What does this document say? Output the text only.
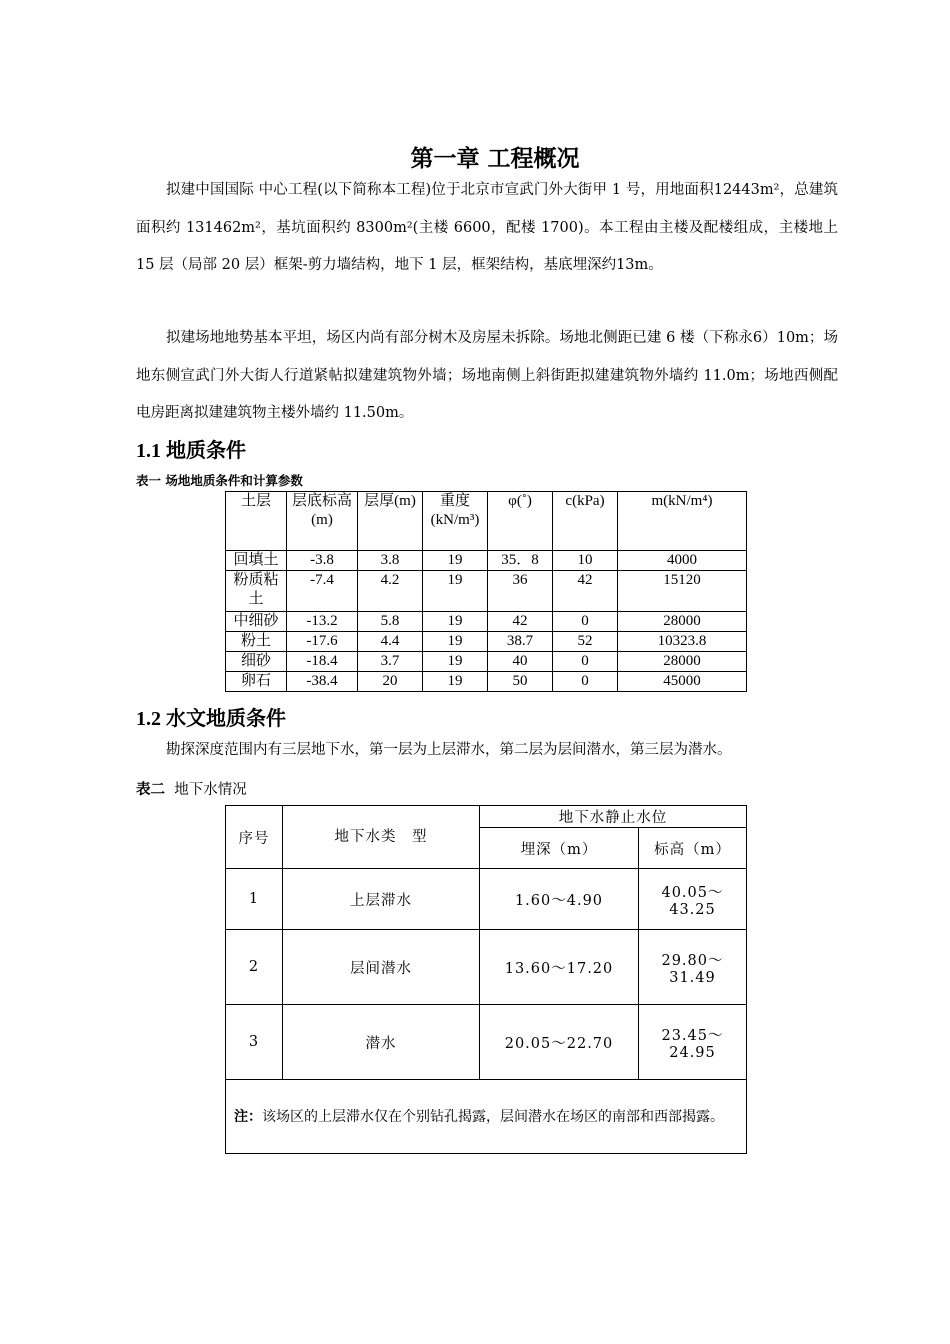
第一章 工程概况
拟建中国国际 中心工程(以下简称本工程)位于北京市宣武门外大街甲 1 号，用地面积12443m²，总建筑面积约 131462m²，基坑面积约 8300m²(主楼 6600，配楼 1700)。本工程由主楼及配楼组成，主楼地上 15 层（局部 20 层）框架-剪力墙结构，地下 1 层，框架结构，基底埋深约13m。
拟建场地地势基本平坦，场区内尚有部分树木及房屋未拆除。场地北侧距已建 6 楼（下称永6）10m；场地东侧宣武门外大街人行道紧帖拟建建筑物外墙；场地南侧上斜街距拟建建筑物外墙约 11.0m；场地西侧配电房距离拟建建筑物主楼外墙约 11.50m。
1.1 地质条件
表一 场地地质条件和计算参数
土层	层底标高(m)	层厚(m)	重度(kN/m³)	φ(˚)	c(kPa)	m(kN/m⁴)
回填土	-3.8	3.8	19	35．8	10	4000
粉质粘土	-7.4	4.2	19	36	42	15120
中细砂	-13.2	5.8	19	42	0	28000
粉土	-17.6	4.4	19	38.7	52	10323.8
细砂	-18.4	3.7	19	40	0	28000
卵石	-38.4	20	19	50	0	45000
1.2 水文地质条件
勘探深度范围内有三层地下水，第一层为上层滞水，第二层为层间潜水，第三层为潜水。
表二 地下水情况
序号	地下水类　型	地下水静止水位	
		埋深（m）	标高（m）
1	上层滞水	1.60～4.90	40.05～43.25
2	层间潜水	13.60～17.20	29.80～31.49
3	潜水	20.05～22.70	23.45～24.95
注：该场区的上层滞水仅在个别钻孔揭露，层间潜水在场区的南部和西部揭露。			
